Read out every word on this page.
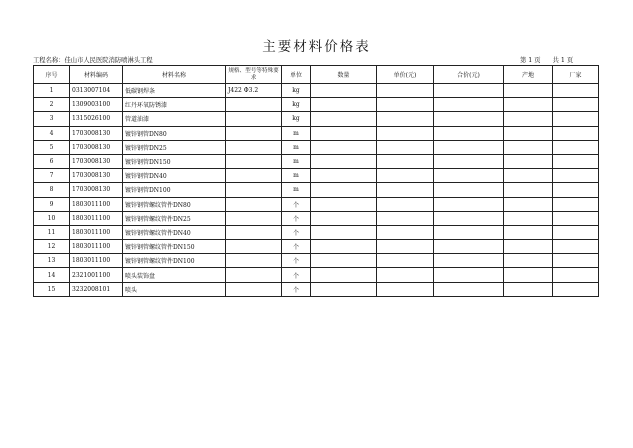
主要材料价格表
工程名称：佳山市人民医院消防喷淋头工程	第 1 页 共 1 页
序号	材料编码	材料名称	规格、型号等特殊要求	单位	数量	单价(元)	合价(元)	产地	厂家
1	0313007104	低碳钢焊条	J422 Φ3.2	kg					
2	1309003100	红丹环氧防锈漆		kg					
3	1315026100	管道油漆		kg					
4	1703008130	镀锌钢管DN80		m					
5	1703008130	镀锌钢管DN25		m					
6	1703008130	镀锌钢管DN150		m					
7	1703008130	镀锌钢管DN40		m					
8	1703008130	镀锌钢管DN100		m					
9	1803011100	镀锌钢管螺纹管件DN80		个					
10	1803011100	镀锌钢管螺纹管件DN25		个					
11	1803011100	镀锌钢管螺纹管件DN40		个					
12	1803011100	镀锌钢管螺纹管件DN150		个					
13	1803011100	镀锌钢管螺纹管件DN100		个					
14	2321001100	喷头装饰盘		个					
15	3232008101	喷头		个					
